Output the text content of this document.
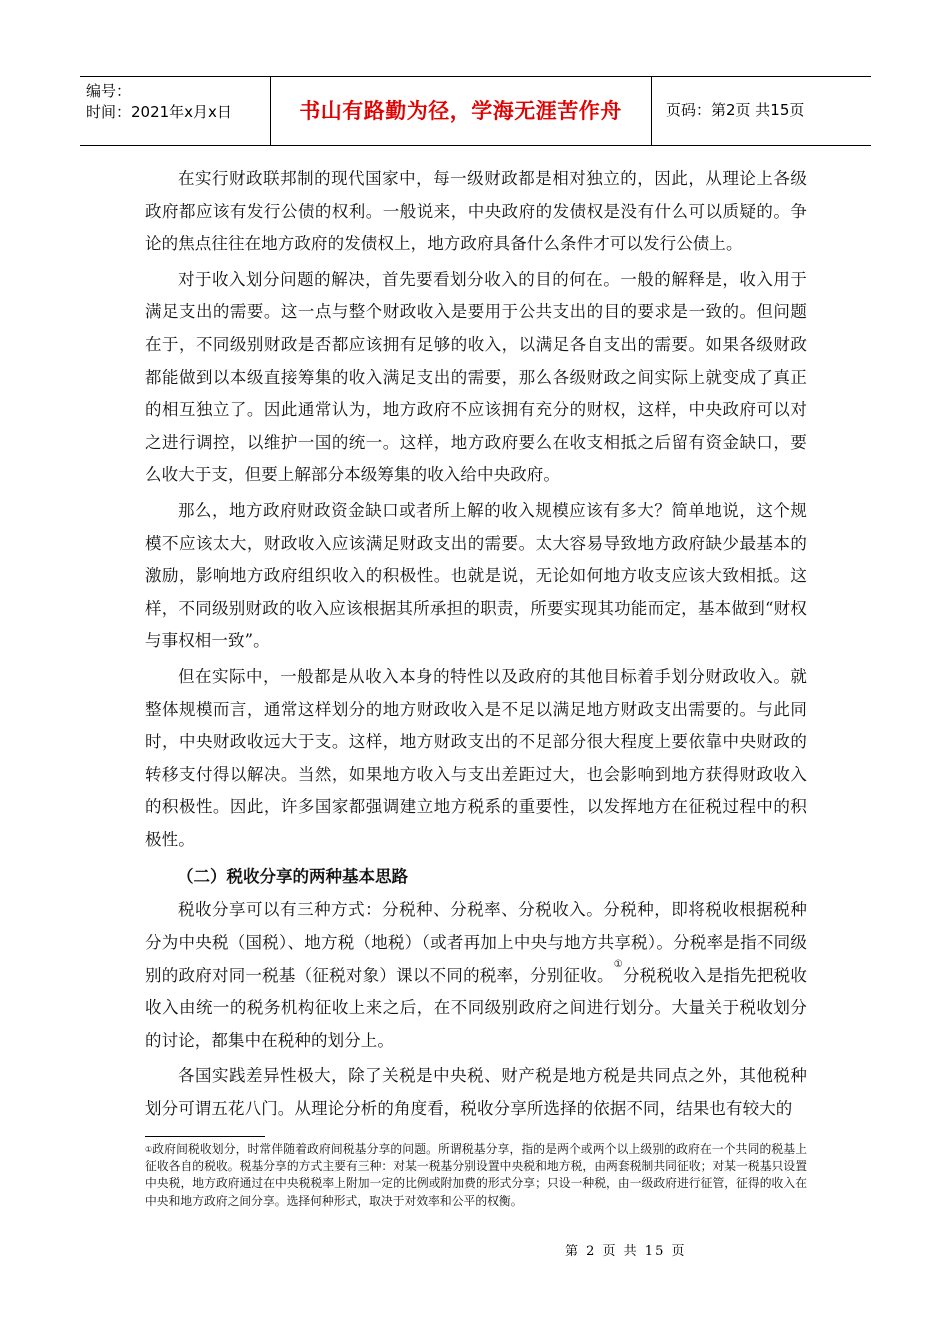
编号：
时间：2021年x月x日	书山有路勤为径，学海无涯苦作舟	页码：第2页 共15页

在实行财政联邦制的现代国家中，每一级财政都是相对独立的，因此，从理论上各级政府都应该有发行公债的权利。一般说来，中央政府的发债权是没有什么可以质疑的。争论的焦点往往在地方政府的发债权上，地方政府具备什么条件才可以发行公债上。

对于收入划分问题的解决，首先要看划分收入的目的何在。一般的解释是，收入用于满足支出的需要。这一点与整个财政收入是要用于公共支出的目的要求是一致的。但问题在于，不同级别财政是否都应该拥有足够的收入，以满足各自支出的需要。如果各级财政都能做到以本级直接筹集的收入满足支出的需要，那么各级财政之间实际上就变成了真正的相互独立了。因此通常认为，地方政府不应该拥有充分的财权，这样，中央政府可以对之进行调控，以维护一国的统一。这样，地方政府要么在收支相抵之后留有资金缺口，要么收大于支，但要上解部分本级筹集的收入给中央政府。

那么，地方政府财政资金缺口或者所上解的收入规模应该有多大？简单地说，这个规模不应该太大，财政收入应该满足财政支出的需要。太大容易导致地方政府缺少最基本的激励，影响地方政府组织收入的积极性。也就是说，无论如何地方收支应该大致相抵。这样，不同级别财政的收入应该根据其所承担的职责，所要实现其功能而定，基本做到“财权与事权相一致”。

但在实际中，一般都是从收入本身的特性以及政府的其他目标着手划分财政收入。就整体规模而言，通常这样划分的地方财政收入是不足以满足地方财政支出需要的。与此同时，中央财政收远大于支。这样，地方财政支出的不足部分很大程度上要依靠中央财政的转移支付得以解决。当然，如果地方收入与支出差距过大，也会影响到地方获得财政收入的积极性。因此，许多国家都强调建立地方税系的重要性，以发挥地方在征税过程中的积极性。

（二）税收分享的两种基本思路

税收分享可以有三种方式：分税种、分税率、分税收入。分税种，即将税收根据税种分为中央税（国税）、地方税（地税）（或者再加上中央与地方共享税）。分税率是指不同级别的政府对同一税基（征税对象）课以不同的税率，分别征收。①分税税收入是指先把税收收入由统一的税务机构征收上来之后，在不同级别政府之间进行划分。大量关于税收划分的讨论，都集中在税种的划分上。

各国实践差异性极大，除了关税是中央税、财产税是地方税是共同点之外，其他税种划分可谓五花八门。从理论分析的角度看，税收分享所选择的依据不同，结果也有较大的

①政府间税收划分，时常伴随着政府间税基分享的问题。所谓税基分享，指的是两个或两个以上级别的政府在一个共同的税基上征收各自的税收。税基分享的方式主要有三种：对某一税基分别设置中央税和地方税，由两套税制共同征收；对某一税基只设置中央税，地方政府通过在中央税税率上附加一定的比例或附加费的形式分享；只设一种税，由一级政府进行征管，征得的收入在中央和地方政府之间分享。选择何种形式，取决于对效率和公平的权衡。

第 2 页 共 15 页
